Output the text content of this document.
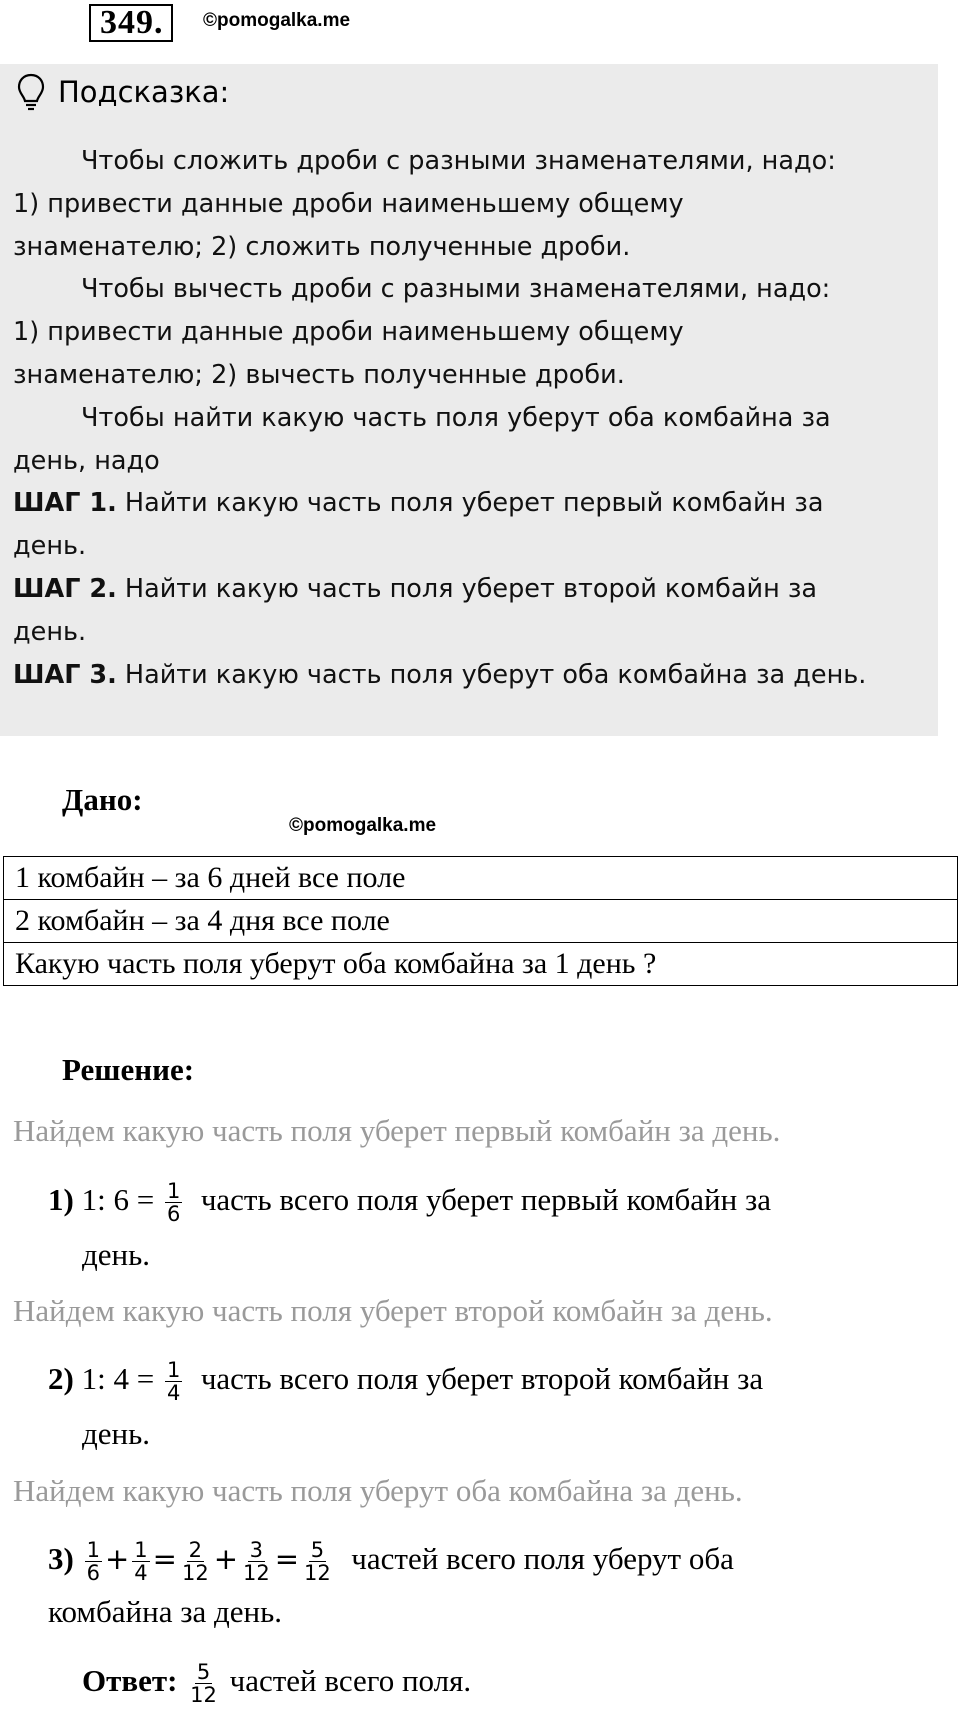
349.	©pomogalka.me
Подсказка:

Чтобы сложить дроби с разными знаменателями, надо:

1) привести данные дроби наименьшему общему

знаменателю; 2) сложить полученные дроби.

Чтобы вычесть дроби с разными знаменателями, надо:

1) привести данные дроби наименьшему общему

знаменателю; 2) вычесть полученные дроби.

Чтобы найти какую часть поля уберут оба комбайна за

день, надо

ШАГ 1. Найти какую часть поля уберет первый комбайн за

день.

ШАГ 2. Найти какую часть поля уберет второй комбайн за

день.

ШАГ 3. Найти какую часть поля уберут оба комбайна за день.

Дано:
©pomogalka.me
1 комбайн – за 6 дней все поле
2 комбайн – за 4 дня все поле
Какую часть поля уберут оба комбайна за 1 день ?
Решение:
Найдем какую часть поля уберет первый комбайн за день.
1) 1: $6 = \frac{1}{6}$ часть всего поля уберет первый комбайн за
день.
Найдем какую часть поля уберет второй комбайн за день.
2) 1: $4 = \frac{1}{4}$ часть всего поля уберет второй комбайн за
день.
Найдем какую часть поля уберут оба комбайна за день.
$3) \frac{1}{6} + \frac{1}{4} = \frac{2}{12} + \frac{3}{12} = \frac{5}{12}$ частей всего поля уберут оба
комбайна за день.
Ответ: $\frac{5}{12}$ частей всего поля.
